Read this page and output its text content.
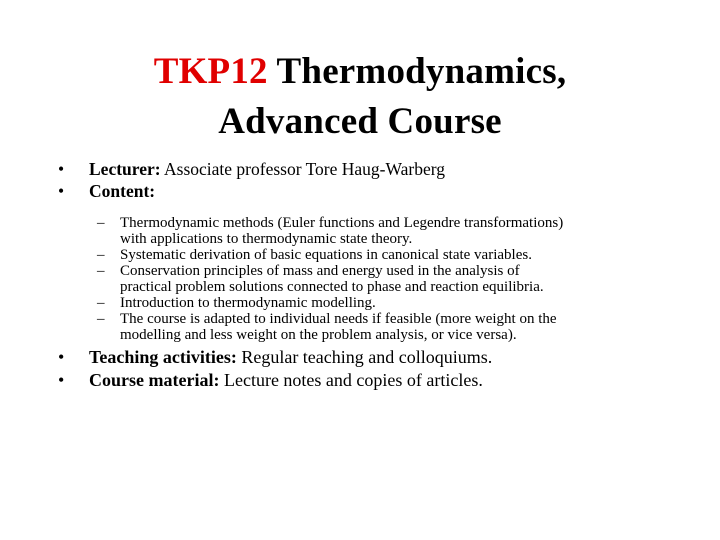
TKP12 Thermodynamics,
Advanced Course
• Lecturer: Associate professor Tore Haug-Warberg
• Content:
– Thermodynamic methods (Euler functions and Legendre transformations)
with applications to thermodynamic state theory.
– Systematic derivation of basic equations in canonical state variables.
– Conservation principles of mass and energy used in the analysis of
practical problem solutions connected to phase and reaction equilibria.
– Introduction to thermodynamic modelling.
– The course is adapted to individual needs if feasible (more weight on the
modelling and less weight on the problem analysis, or vice versa).
• Teaching activities: Regular teaching and colloquiums.
• Course material: Lecture notes and copies of articles.
